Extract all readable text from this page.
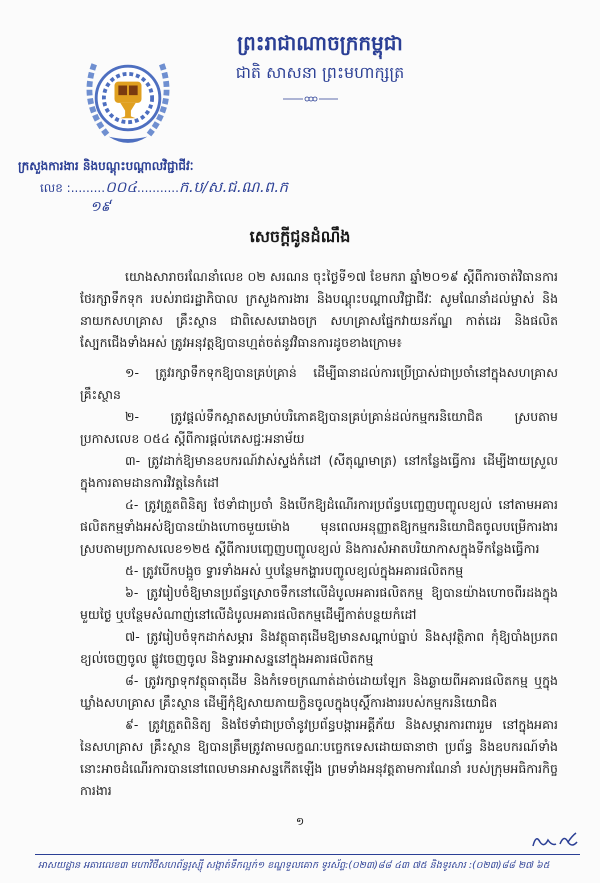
ព្រះរាជាណាចក្រកម្ពុជា
ជាតិ សាសនា ព្រះមហាក្សត្រ
ក្រសួងការងារ និងបណ្តុះបណ្តាលវិជ្ជាជីវៈ
លេខ :.........០០៤...........ក.ប/ស.ជ.ណ.ព.ក
១៩
សេចក្តីជូនដំណឹង

យោងសារាចរណែនាំលេខ ០២ សរណន ចុះថ្ងៃទី១៧ ខែមករា ឆ្នាំ២០១៩ ស្តីពីការចាត់វិធានការថែរក្សាទឹកទុក របស់រាជរដ្ឋាភិបាល ក្រសួងការងារ និងបណ្តុះបណ្តាលវិជ្ជាជីវៈ សូមណែនាំដល់ម្ចាស់ និងនាយកសហគ្រាស គ្រឹះស្ថាន ជាពិសេសរោងចក្រ សហគ្រាសផ្នែកវាយនភ័ណ្ឌ កាត់ដេរ និងផលិតស្បែកជើងទាំងអស់ ត្រូវអនុវត្តឱ្យបានហ្មត់ចត់នូវវិធានការដូចខាងក្រោម៖

១- ត្រូវរក្សាទឹកទុកឱ្យបានគ្រប់គ្រាន់ ដើម្បីធានាដល់ការប្រើប្រាស់ជាប្រចាំនៅក្នុងសហគ្រាស គ្រឹះស្ថាន

២- ត្រូវផ្តល់ទឹកស្អាតសម្រាប់បរិភោគឱ្យបានគ្រប់គ្រាន់ដល់កម្មករនិយោជិត ស្របតាមប្រកាសលេខ ០៥៤ ស្តីពីការផ្តល់ភេសជ្ជៈអនាម័យ

៣- ត្រូវដាក់ឱ្យមានឧបករណ៍វាស់ស្ទង់កំដៅ (សីតុណ្ហមាត្រ) នៅកន្លែងធ្វើការ ដើម្បីងាយស្រួលក្នុងការតាមដានការវិវត្តនៃកំដៅ

៤- ត្រូវត្រួតពិនិត្យ ថែទាំជាប្រចាំ និងបើកឱ្យដំណើរការប្រព័ន្ធបញ្ចេញបញ្ចូលខ្យល់ នៅតាមអគារផលិតកម្មទាំងអស់ឱ្យបានយ៉ាងហោចមួយម៉ោង មុនពេលអនុញ្ញាតឱ្យកម្មករនិយោជិតចូលបម្រើការងារ ស្របតាមប្រកាសលេខ១២៥ ស្តីពីការបញ្ចេញបញ្ចូលខ្យល់ និងការសំអាតបរិយាកាសក្នុងទីកន្លែងធ្វើការ

៥- ត្រូវបើកបង្អួច ទ្វារទាំងអស់ ឬបន្ថែមកង្ហារបញ្ចូលខ្យល់ក្នុងអគារផលិតកម្ម

៦- ត្រូវរៀបចំឱ្យមានប្រព័ន្ធស្រោចទឹកនៅលើដំបូលអគារផលិតកម្ម ឱ្យបានយ៉ាងហោចពីរដងក្នុងមួយថ្ងៃ ឬបន្ថែមសំណាញ់នៅលើដំបូលអគារផលិតកម្មដើម្បីកាត់បន្ថយកំដៅ

៧- ត្រូវរៀបចំទុកដាក់សម្ភារ និងវត្ថុធាតុដើមឱ្យមានសណ្តាប់ធ្នាប់ និងសុវត្ថិភាព កុំឱ្យបាំងប្រភពខ្យល់ចេញចូល ផ្លូវចេញចូល និងទ្វារអាសន្ននៅក្នុងអគារផលិតកម្ម

៨- ត្រូវរក្សាទុកវត្ថុធាតុដើម និងកំទេចក្រណាត់ដាច់ដោយឡែក និងឆ្ងាយពីអគារផលិតកម្ម ឬក្នុងឃ្លាំងសហគ្រាស គ្រឹះស្ថាន ដើម្បីកុំឱ្យសាយភាយក្លិនចូលក្នុងបុស្តិ៍ការងាររបស់កម្មករនិយោជិត

៩- ត្រូវត្រួតពិនិត្យ និងថែទាំជាប្រចាំនូវប្រព័ន្ធបង្ការអគ្គីភ័យ និងសម្ភារការពាររួម នៅក្នុងអគារនៃសហគ្រាស គ្រឹះស្ថាន ឱ្យបានត្រឹមត្រូវតាមលក្ខណៈបច្ចេកទេសដោយធានាថា ប្រព័ន្ធ និងឧបករណ៍ទាំងនោះអាចដំណើរការបាននៅពេលមានអាសន្នកើតឡើង ព្រមទាំងអនុវត្តតាមការណែនាំ របស់ក្រុមអធិការកិច្ចការងារ

១
អាសយដ្ឋាន អគារលេខ៣ មហាវិថីសហព័ន្ធរុស្ស៊ី សង្កាត់ទឹកល្អក់១ ខណ្ឌទួលគោក ទូរស័ព្ទ:(០២៣)៨៨ ៤៣ ៧៥ និងទូរសារ :(០២៣)៨៨ ២៧ ៦៥
